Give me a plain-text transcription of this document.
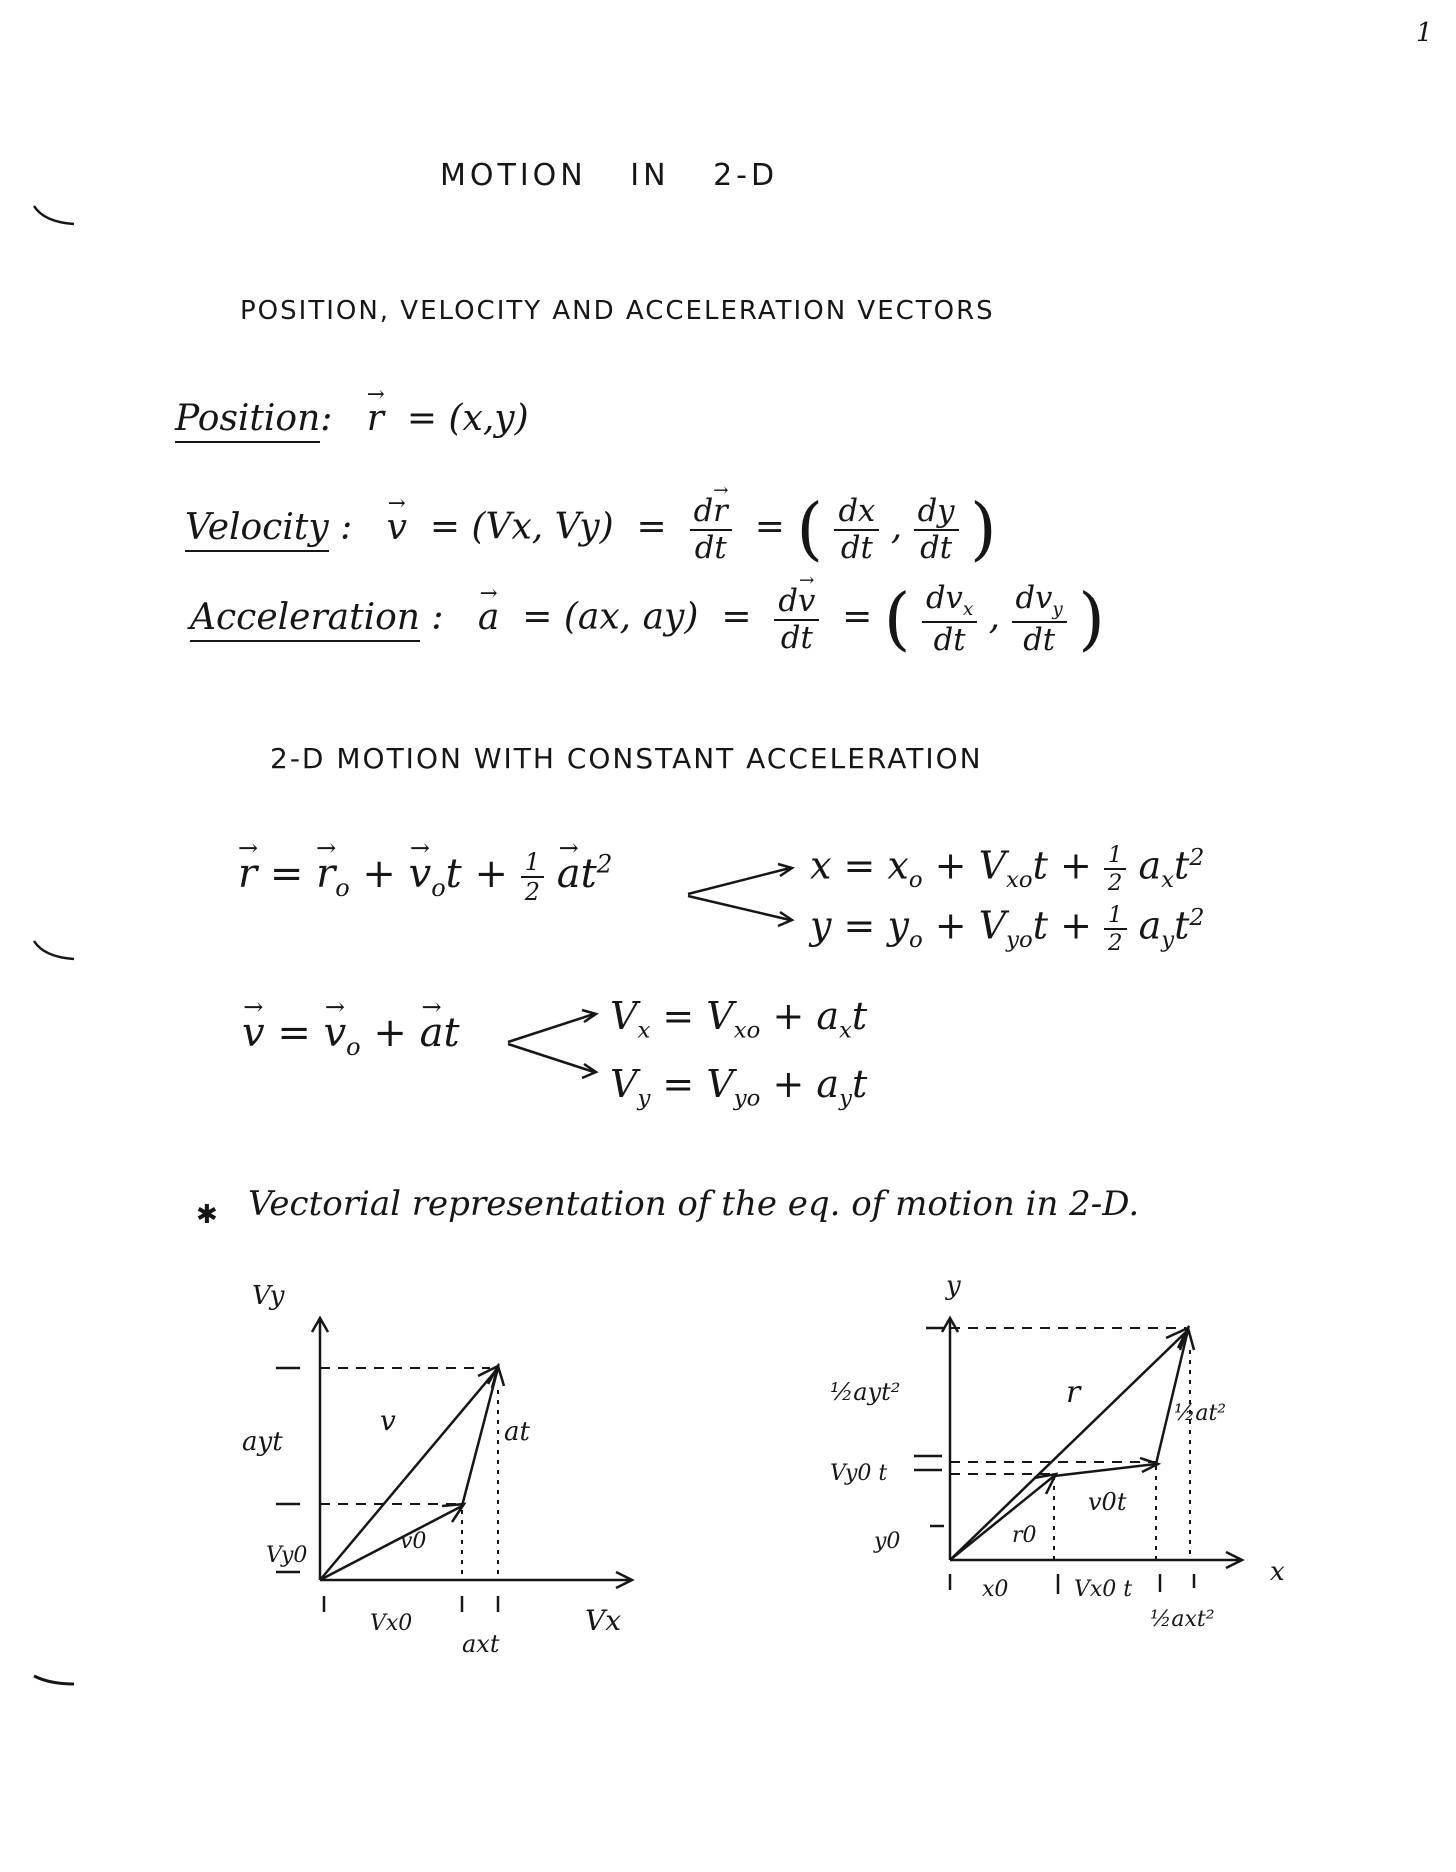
1
MOTION IN 2-D
POSITION, VELOCITY AND ACCELERATION VECTORS
Position:   → r  = (x,y)
Velocity :   → v  = (Vx, $Vy) = \frac{d\to r}{dt}$ = ( $\frac{dx}{dt}$ , $\frac{dy}{dt}$ )
Acceleration :   → a  = (ax, $ay) = \frac{d\to v}{dt}$ = ( $\frac{dv_x}{dt}$ , $\frac{dv_y}{dt}$ )
2-D MOTION WITH CONSTANT ACCELERATION
→ r = → $r_o$ + → $v_ot + \frac{1}{2}$
→ $at^2$	$x = x_o + V_{xo}t + \frac{1}{2} a_xt^2$
$y = y_o + V_{yo}t + \frac{1}{2} a_yt^2$
→ v = → $v_o$ + → at	$V_x = V_{xo} + a_xt$
$V_y = V_{yo} + a_yt$
✱ Vectorial representation of the eq. of motion in 2-D.
Vy
Vx
ayt
Vy0
Vx0
axt
v
v0
at
y
x
½ayt²
Vy0 t
y0
x0	Vx0 t
½axt²
r
r0
v0t
½at²
